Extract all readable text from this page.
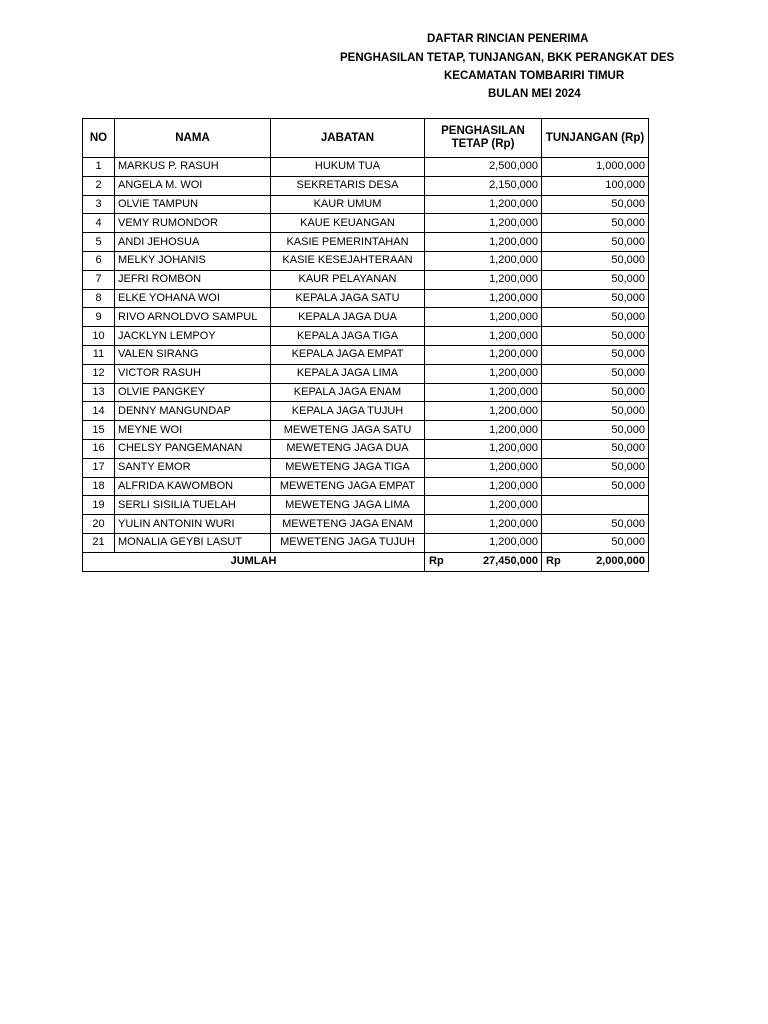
DAFTAR RINCIAN PENERIMA
PENGHASILAN TETAP, TUNJANGAN, BKK PERANGKAT DES
KECAMATAN TOMBARIRI TIMUR
BULAN MEI 2024
NO	NAMA	JABATAN	PENGHASILAN TETAP (Rp)	TUNJANGAN (Rp)
1	MARKUS P. RASUH	HUKUM TUA	2,500,000	1,000,000
2	ANGELA M. WOI	SEKRETARIS DESA	2,150,000	100,000
3	OLVIE TAMPUN	KAUR UMUM	1,200,000	50,000
4	VEMY RUMONDOR	KAUE KEUANGAN	1,200,000	50,000
5	ANDI JEHOSUA	KASIE PEMERINTAHAN	1,200,000	50,000
6	MELKY JOHANIS	KASIE KESEJAHTERAAN	1,200,000	50,000
7	JEFRI ROMBON	KAUR PELAYANAN	1,200,000	50,000
8	ELKE YOHANA WOI	KEPALA JAGA SATU	1,200,000	50,000
9	RIVO ARNOLDVO SAMPUL	KEPALA JAGA DUA	1,200,000	50,000
10	JACKLYN LEMPOY	KEPALA JAGA TIGA	1,200,000	50,000
11	VALEN SIRANG	KEPALA JAGA EMPAT	1,200,000	50,000
12	VICTOR RASUH	KEPALA JAGA LIMA	1,200,000	50,000
13	OLVIE PANGKEY	KEPALA JAGA ENAM	1,200,000	50,000
14	DENNY MANGUNDAP	KEPALA JAGA TUJUH	1,200,000	50,000
15	MEYNE WOI	MEWETENG JAGA SATU	1,200,000	50,000
16	CHELSY PANGEMANAN	MEWETENG JAGA DUA	1,200,000	50,000
17	SANTY EMOR	MEWETENG JAGA TIGA	1,200,000	50,000
18	ALFRIDA KAWOMBON	MEWETENG JAGA EMPAT	1,200,000	50,000
19	SERLI SISILIA TUELAH	MEWETENG JAGA LIMA	1,200,000	
20	YULIN ANTONIN WURI	MEWETENG JAGA ENAM	1,200,000	50,000
21	MONALIA GEYBI LASUT	MEWETENG JAGA TUJUH	1,200,000	50,000
JUMLAH			Rp 27,450,000	Rp 2,000,000
